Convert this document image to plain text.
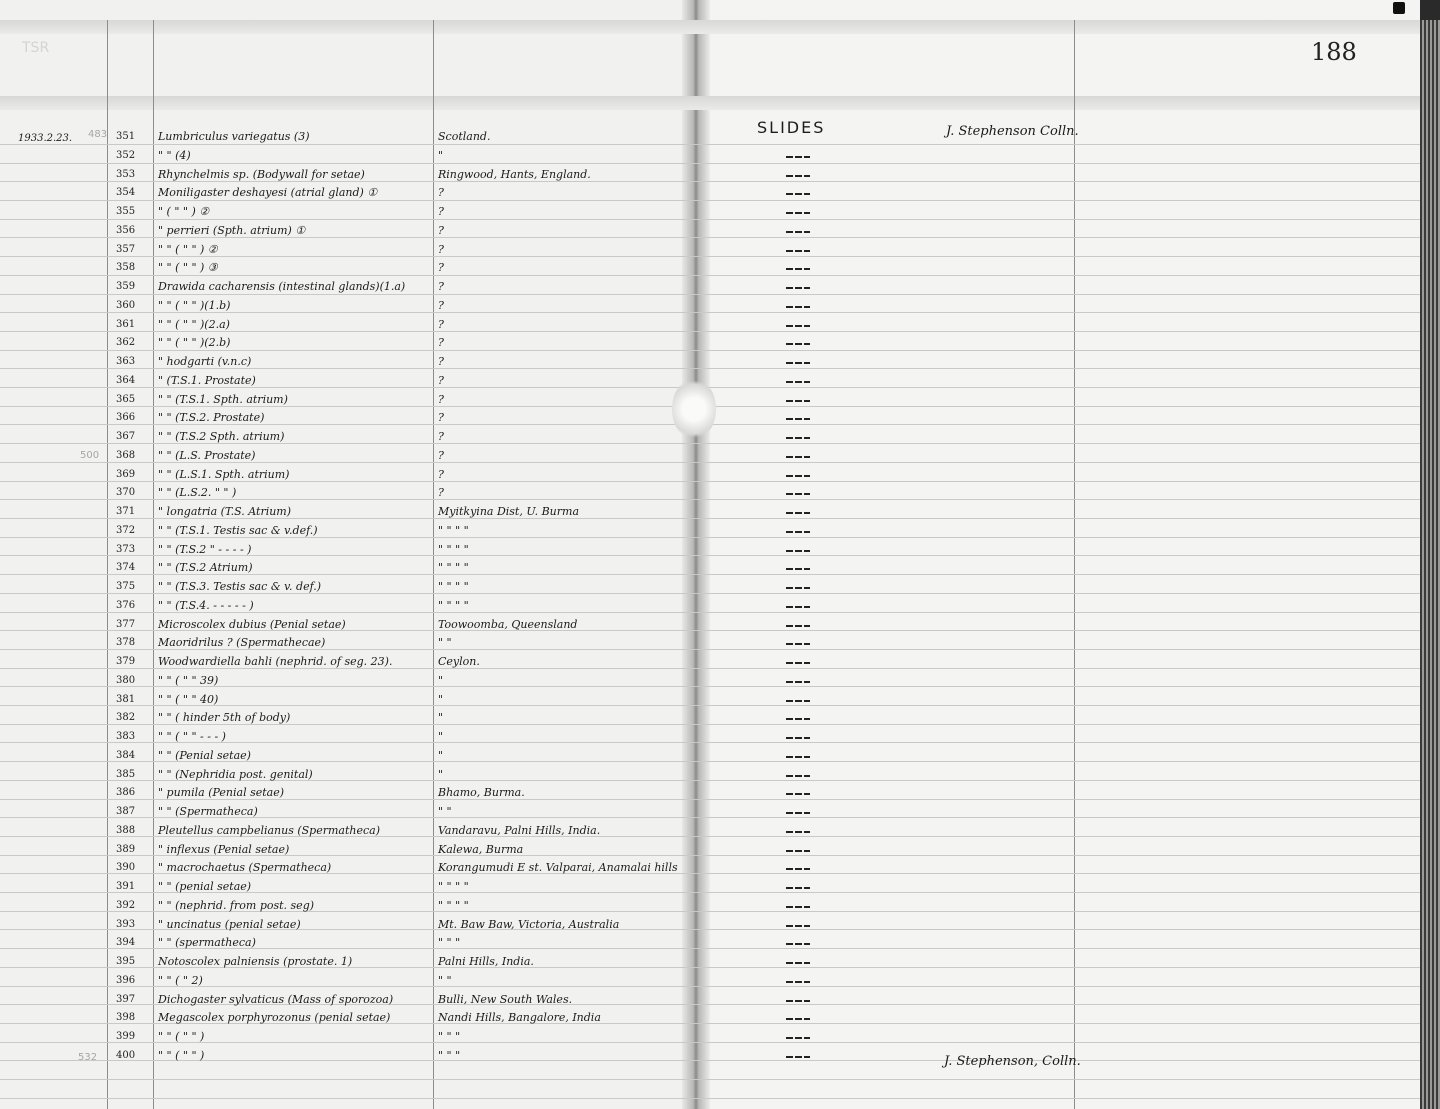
TSR	188
SLIDES	J. Stephenson Colln.
J. Stephenson, Colln.
1933.2.23. 483
500
532
351 Lumbriculus variegatus (3)	Scotland.
352 " " (4)	"
353 Rhynchelmis sp. (Bodywall for setae)	Ringwood, Hants, England.
354 Moniligaster deshayesi (atrial gland) ①	?
355 " ( " " ) ②	?
356 " perrieri (Spth. atrium) ①	?
357 " " ( " " ) ②	?
358 " " ( " " ) ③	?
359 Drawida cacharensis (intestinal glands)(1.a)	?
360 " " ( " " )(1.b)	?
361 " " ( " " )(2.a)	?
362 " " ( " " )(2.b)	?
363 " hodgarti (v.n.c)	?
364 " (T.S.1. Prostate)	?
365 " " (T.S.1. Spth. atrium)	?
366 " " (T.S.2. Prostate)	?
367 " " (T.S.2 Spth. atrium)	?
368 " " (L.S. Prostate)	?
369 " " (L.S.1. Spth. atrium)	?
370 " " (L.S.2. " " )	?
371 " longatria (T.S. Atrium)	Myitkyina Dist, U. Burma
372 " " (T.S.1. Testis sac & v.def.)	" " " "
373 " " (T.S.2 " - - - - )	" " " "
374 " " (T.S.2 Atrium)	" " " "
375 " " (T.S.3. Testis sac & v. def.)	" " " "
376 " " (T.S.4. - - - - - )	" " " "
377 Microscolex dubius (Penial setae)	Toowoomba, Queensland
378 Maoridrilus ? (Spermathecae)	" "
379 Woodwardiella bahli (nephrid. of seg. 23).	Ceylon.
380 " " ( " " 39)	"
381 " " ( " " 40)	"
382 " " ( hinder 5th of body)	"
383 " " ( " " - - - )	"
384 " " (Penial setae)	"
385 " " (Nephridia post. genital)	"
386 " pumila (Penial setae)	Bhamo, Burma.
387 " " (Spermatheca)	" "
388 Pleutellus campbelianus (Spermatheca)	Vandaravu, Palni Hills, India.
389 " inflexus (Penial setae)	Kalewa, Burma
390 " macrochaetus (Spermatheca)	Korangumudi E st. Valparai, Anamalai hills
391 " " (penial setae)	" " " "
392 " " (nephrid. from post. seg)	" " " "
393 " uncinatus (penial setae)	Mt. Baw Baw, Victoria, Australia
394 " " (spermatheca)	" " "
395 Notoscolex palniensis (prostate. 1)	Palni Hills, India.
396 " " ( " 2)	" "
397 Dichogaster sylvaticus (Mass of sporozoa)	Bulli, New South Wales.
398 Megascolex porphyrozonus (penial setae)	Nandi Hills, Bangalore, India
399 " " ( " " )	" " "
400 " " ( " " )	" " "
